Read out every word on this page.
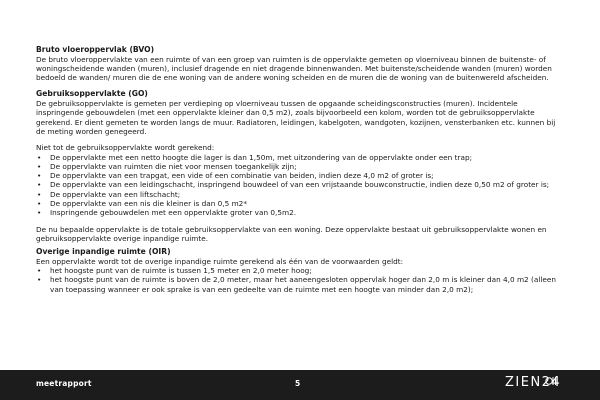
Bruto vloeroppervlak (BVO)

De bruto vloeroppervlakte van een ruimte of van een groep van ruimten is de oppervlakte gemeten op vloerniveau binnen de buitenste- of woningscheidende wanden (muren), inclusief dragende en niet dragende binnenwanden. Met buitenste/scheidende wanden (muren) worden bedoeld de wanden/ muren die de ene woning van de andere woning scheiden en de muren die de woning van de buitenwereld afscheiden.

Gebruiksoppervlakte (GO)

De gebruiksoppervlakte is gemeten per verdieping op vloerniveau tussen de opgaande scheidingsconstructies (muren). Incidentele inspringende gebouwdelen (met een oppervlakte kleiner dan 0,5 m2), zoals bijvoorbeeld een kolom, worden tot de gebruiksoppervlakte gerekend. Er dient gemeten te worden langs de muur. Radiatoren, leidingen, kabelgoten, wandgoten, kozijnen, vensterbanken etc. kunnen bij de meting worden genegeerd.

Niet tot de gebruiksoppervlakte wordt gerekend:

• De oppervlakte met een netto hoogte die lager is dan 1,50m, met uitzondering van de oppervlakte onder een trap;
• De oppervlakte van ruimten die niet voor mensen toegankelijk zijn;
• De oppervlakte van een trapgat, een vide of een combinatie van beiden, indien deze 4,0 m2 of groter is;
• De oppervlakte van een leidingschacht, inspringend bouwdeel of van een vrijstaande bouwconstructie, indien deze 0,50 m2 of groter is;
• De oppervlakte van een liftschacht;
• De oppervlakte van een nis die kleiner is dan 0,5 m2*
• Inspringende gebouwdelen met een oppervlakte groter van 0,5m2.

De nu bepaalde oppervlakte is de totale gebruiksoppervlakte van een woning. Deze oppervlakte bestaat uit gebruiksoppervlakte wonen en gebruiksoppervlakte overige inpandige ruimte.

Overige inpandige ruimte (OIR)

Een oppervlakte wordt tot de overige inpandige ruimte gerekend als één van de voorwaarden geldt:

• het hoogste punt van de ruimte is tussen 1,5 meter en 2,0 meter hoog;
• het hoogste punt van de ruimte is boven de 2,0 meter, maar het aaneengesloten oppervlak hoger dan 2,0 m is kleiner dan 4,0 m2 (alleen van toepassing wanneer er ook sprake is van een gedeelte van de ruimte met een hoogte van minder dan 2,0 m2);
meetrapport	5	ZIEN24
